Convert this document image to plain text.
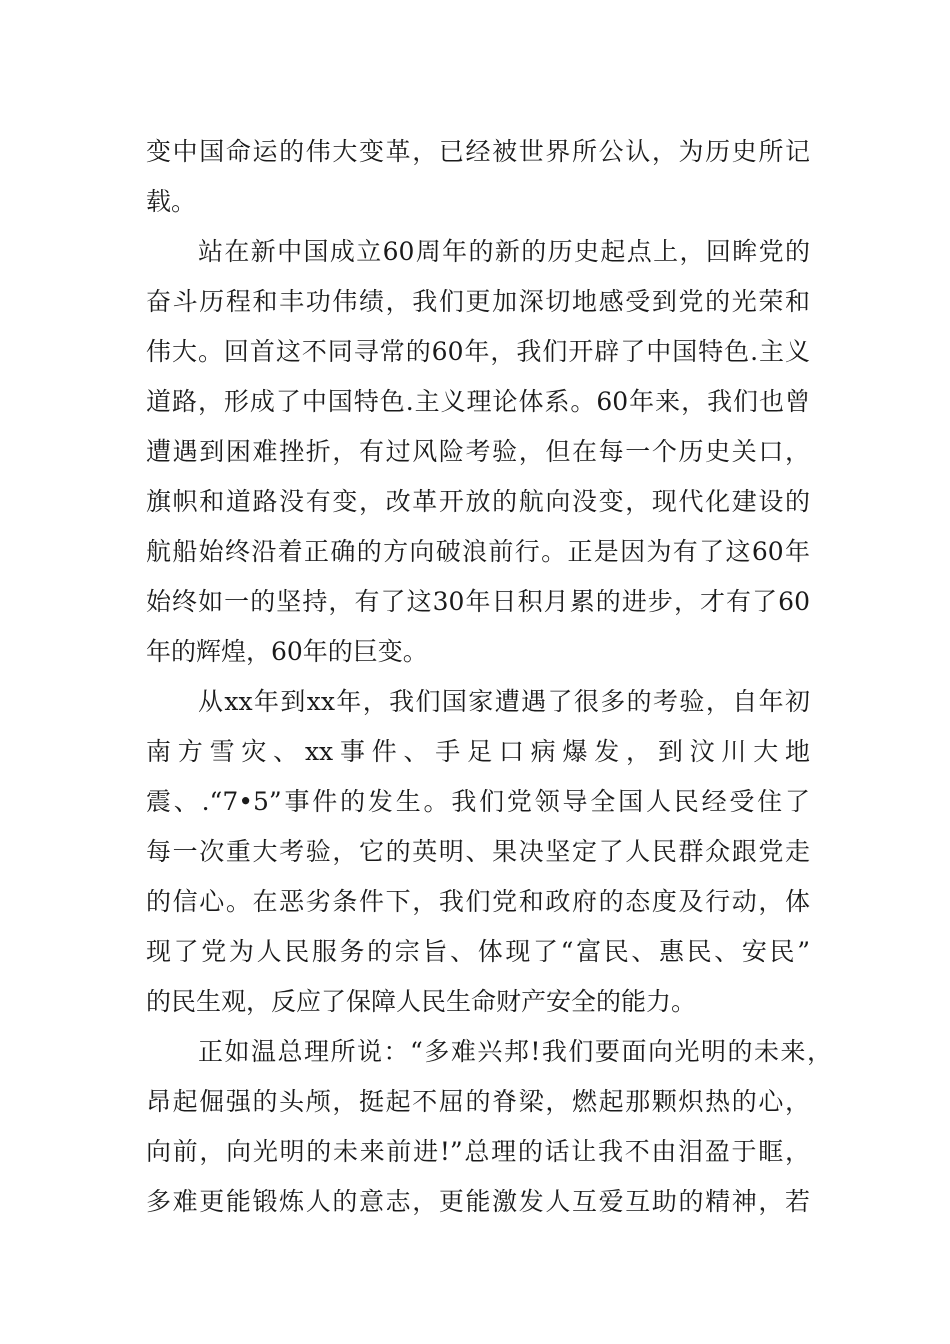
变中国命运的伟大变革，已经被世界所公认，为历史所记
载。
站在新中国成立60周年的新的历史起点上，回眸党的
奋斗历程和丰功伟绩，我们更加深切地感受到党的光荣和
伟大。回首这不同寻常的60年，我们开辟了中国特色.主义
道路，形成了中国特色.主义理论体系。60年来，我们也曾
遭遇到困难挫折，有过风险考验，但在每一个历史关口，
旗帜和道路没有变，改革开放的航向没变，现代化建设的
航船始终沿着正确的方向破浪前行。正是因为有了这60年
始终如一的坚持，有了这30年日积月累的进步，才有了60
年的辉煌，60年的巨变。
从xx年到xx年，我们国家遭遇了很多的考验，自年初
南方雪灾、xx事件、手足口病爆发，到汶川大地
震、.“7•5”事件的发生。我们党领导全国人民经受住了
每一次重大考验，它的英明、果决坚定了人民群众跟党走
的信心。在恶劣条件下，我们党和政府的态度及行动，体
现了党为人民服务的宗旨、体现了“富民、惠民、安民”
的民生观，反应了保障人民生命财产安全的能力。
正如温总理所说：“多难兴邦!我们要面向光明的未来，
昂起倔强的头颅，挺起不屈的脊梁，燃起那颗炽热的心，
向前，向光明的未来前进!”总理的话让我不由泪盈于眶，
多难更能锻炼人的意志，更能激发人互爱互助的精神，若
